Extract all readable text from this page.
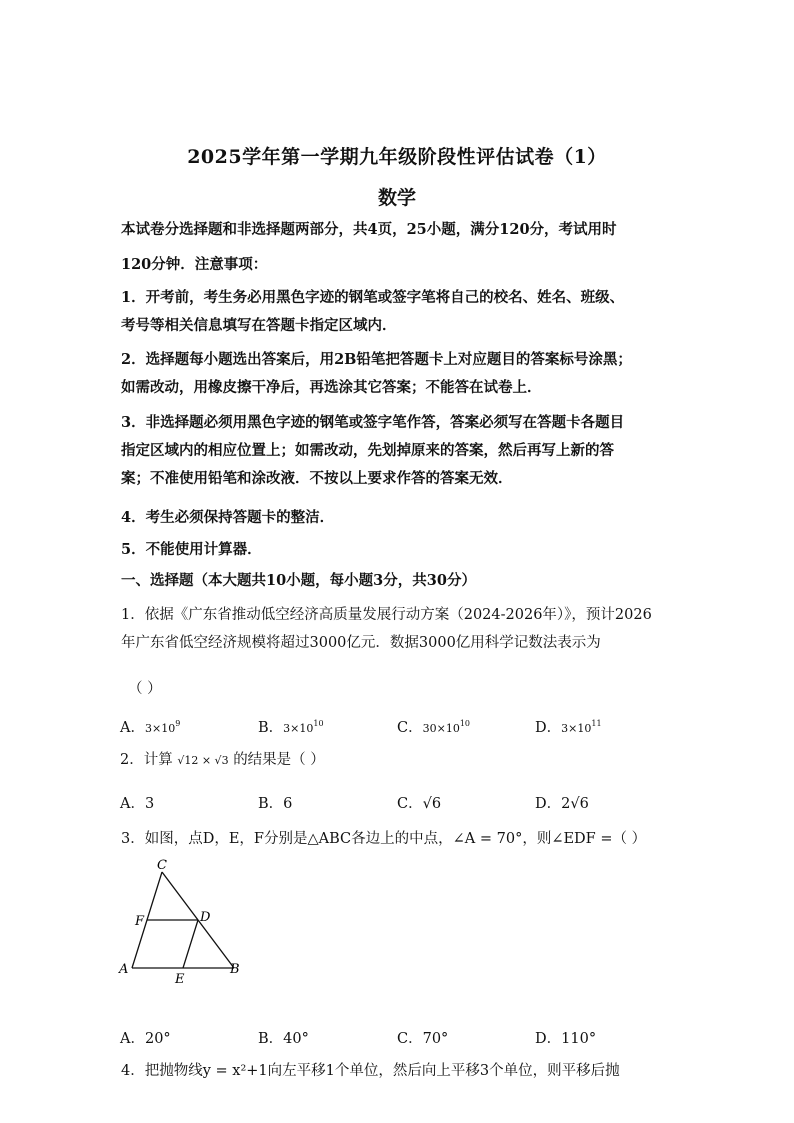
2025学年第一学期九年级阶段性评估试卷（1）
数学
本试卷分选择题和非选择题两部分，共4页，25小题，满分120分，考试用时
120分钟．注意事项：
1．开考前，考生务必用黑色字迹的钢笔或签字笔将自己的校名、姓名、班级、
考号等相关信息填写在答题卡指定区域内．
2．选择题每小题选出答案后，用2B铅笔把答题卡上对应题目的答案标号涂黑；
如需改动，用橡皮擦干净后，再选涂其它答案；不能答在试卷上．
3．非选择题必须用黑色字迹的钢笔或签字笔作答，答案必须写在答题卡各题目
指定区域内的相应位置上；如需改动，先划掉原来的答案，然后再写上新的答
案；不准使用铅笔和涂改液．不按以上要求作答的答案无效．
4．考生必须保持答题卡的整洁．
5．不能使用计算器．
一、选择题（本大题共10小题，每小题3分，共30分）
1．依据《广东省推动低空经济高质量发展行动方案（2024-2026年）》，预计2026
年广东省低空经济规模将超过3000亿元．数据3000亿用科学记数法表示为
（ ）
A．$3\times 10^9$	B．$3\times 10^{10}$	C．$30\times 10^{10}$	D．$3\times 10^{11}$
2．计算 √12 × √3 的结果是（ ）
A．3	B．6	C．√6	D．2√6
3．如图，点D，E，F分别是△ABC各边上的中点，∠A = 70°，则∠EDF =（ ）
C
F	D
A
E
B
A．20°	B．40°	C．70°	D．110°
4．把抛物线y = x²+1向左平移1个单位，然后向上平移3个单位，则平移后抛
